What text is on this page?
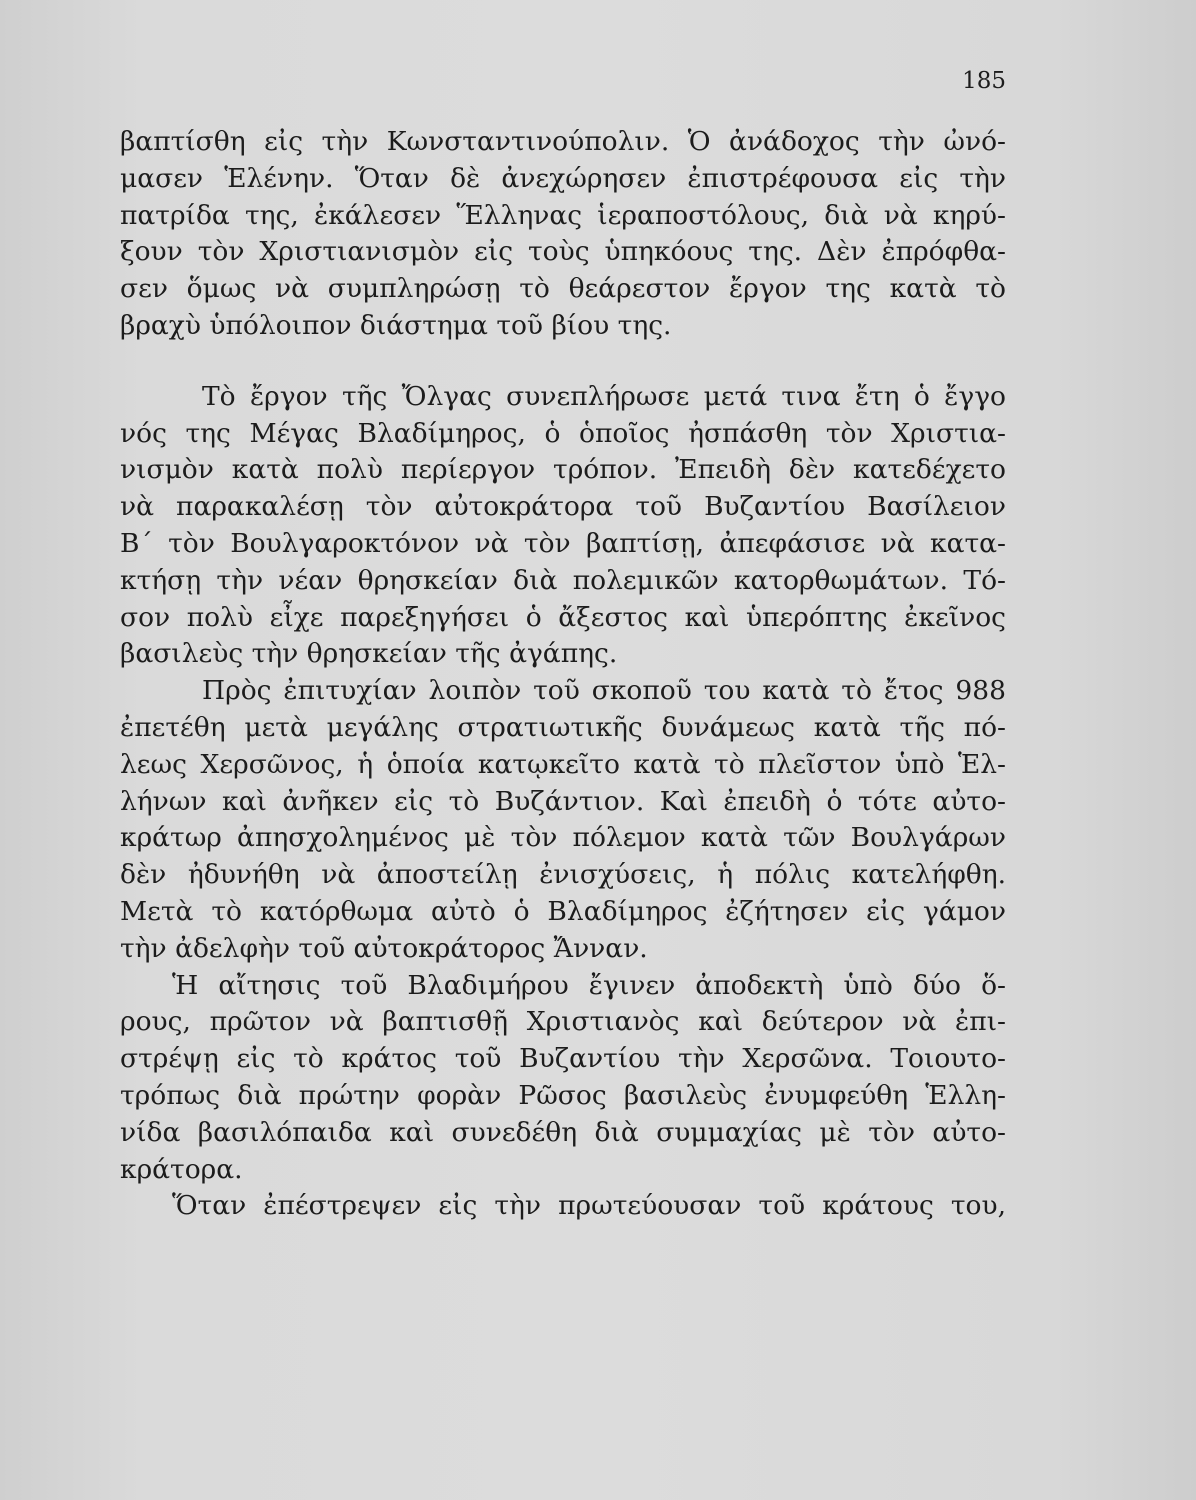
185
βαπτίσθη εἰς τὴν Κωνσταντινούπολιν. Ὁ ἀνάδοχος τὴν ὠνό-
μασεν Ἑλένην. Ὅταν δὲ ἀνεχώρησεν ἐπιστρέφουσα εἰς τὴν
πατρίδα της, ἐκάλεσεν Ἕλληνας ἱεραποστόλους, διὰ νὰ κηρύ-
ξουν τὸν Χριστιανισμὸν εἰς τοὺς ὑπηκόους της. Δὲν ἐπρόφθα-
σεν ὅμως νὰ συμπληρώσῃ τὸ θεάρεστον ἔργον της κατὰ τὸ
βραχὺ ὑπόλοιπον διάστημα τοῦ βίου της.
Τὸ ἔργον τῆς Ὄλγας συνεπλήρωσε μετά τινα ἔτη ὁ ἔγγο
νός της Μέγας Βλαδίμηρος, ὁ ὁποῖος ἠσπάσθη τὸν Χριστια-
νισμὸν κατὰ πολὺ περίεργον τρόπον. Ἐπειδὴ δὲν κατεδέχετο
νὰ παρακαλέσῃ τὸν αὐτοκράτορα τοῦ Βυζαντίου Βασίλειον
Β΄ τὸν Βουλγαροκτόνον νὰ τὸν βαπτίσῃ, ἀπεφάσισε νὰ κατα-
κτήσῃ τὴν νέαν θρησκείαν διὰ πολεμικῶν κατορθωμάτων. Τό-
σον πολὺ εἶχε παρεξηγήσει ὁ ἄξεστος καὶ ὑπερόπτης ἐκεῖνος
βασιλεὺς τὴν θρησκείαν τῆς ἀγάπης.
Πρὸς ἐπιτυχίαν λοιπὸν τοῦ σκοποῦ του κατὰ τὸ ἔτος 988
ἐπετέθη μετὰ μεγάλης στρατιωτικῆς δυνάμεως κατὰ τῆς πό-
λεως Χερσῶνος, ἡ ὁποία κατῳκεῖτο κατὰ τὸ πλεῖστον ὑπὸ Ἑλ-
λήνων καὶ ἀνῆκεν εἰς τὸ Βυζάντιον. Καὶ ἐπειδὴ ὁ τότε αὐτο-
κράτωρ ἀπησχολημένος μὲ τὸν πόλεμον κατὰ τῶν Βουλγάρων
δὲν ἠδυνήθη νὰ ἀποστείλῃ ἐνισχύσεις, ἡ πόλις κατελήφθη.
Μετὰ τὸ κατόρθωμα αὐτὸ ὁ Βλαδίμηρος ἐζήτησεν εἰς γάμον
τὴν ἀδελφὴν τοῦ αὐτοκράτορος Ἄνναν.
Ἡ αἴτησις τοῦ Βλαδιμήρου ἔγινεν ἀποδεκτὴ ὑπὸ δύο ὅ-
ρους, πρῶτον νὰ βαπτισθῇ Χριστιανὸς καὶ δεύτερον νὰ ἐπι-
στρέψῃ εἰς τὸ κράτος τοῦ Βυζαντίου τὴν Χερσῶνα. Τοιουτο-
τρόπως διὰ πρώτην φορὰν Ρῶσος βασιλεὺς ἐνυμφεύθη Ἑλλη-
νίδα βασιλόπαιδα καὶ συνεδέθη διὰ συμμαχίας μὲ τὸν αὐτο-
κράτορα.
Ὅταν ἐπέστρεψεν εἰς τὴν πρωτεύουσαν τοῦ κράτους του,
